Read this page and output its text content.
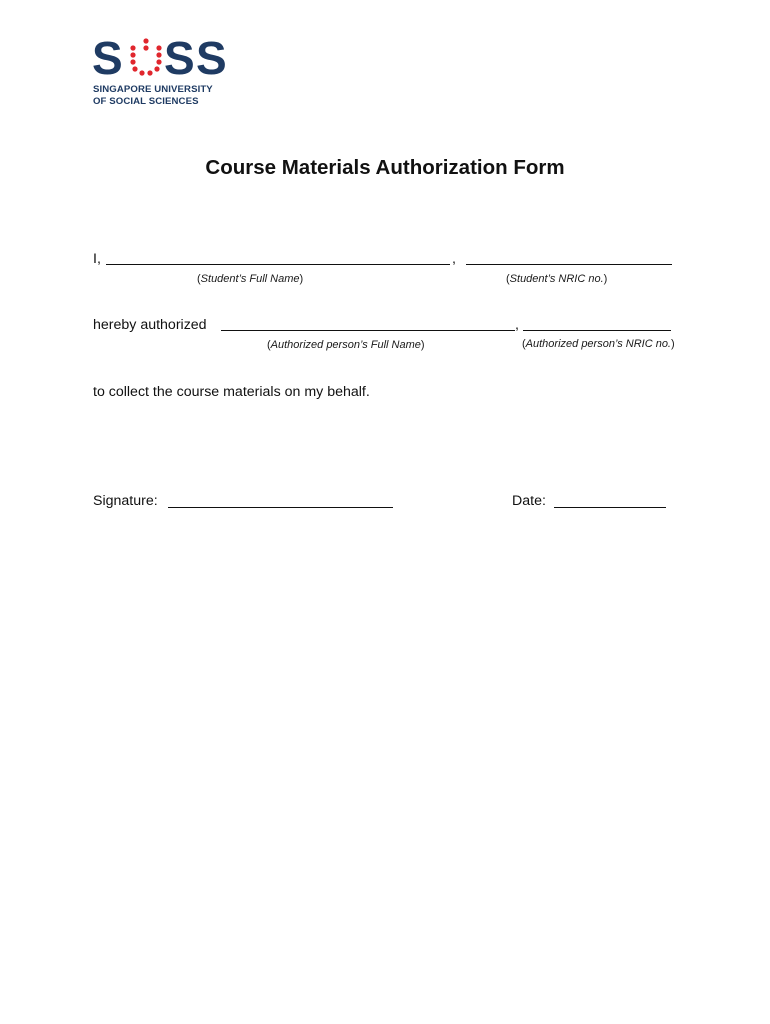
S S S
SINGAPORE UNIVERSITY
OF SOCIAL SCIENCES
Course Materials Authorization Form
I,	,
(Student’s Full Name)	(Student’s NRIC no.)
hereby authorized	,
(Authorized person’s Full Name)	(Authorized person’s NRIC no.)
to collect the course materials on my behalf.
Signature:	Date:
